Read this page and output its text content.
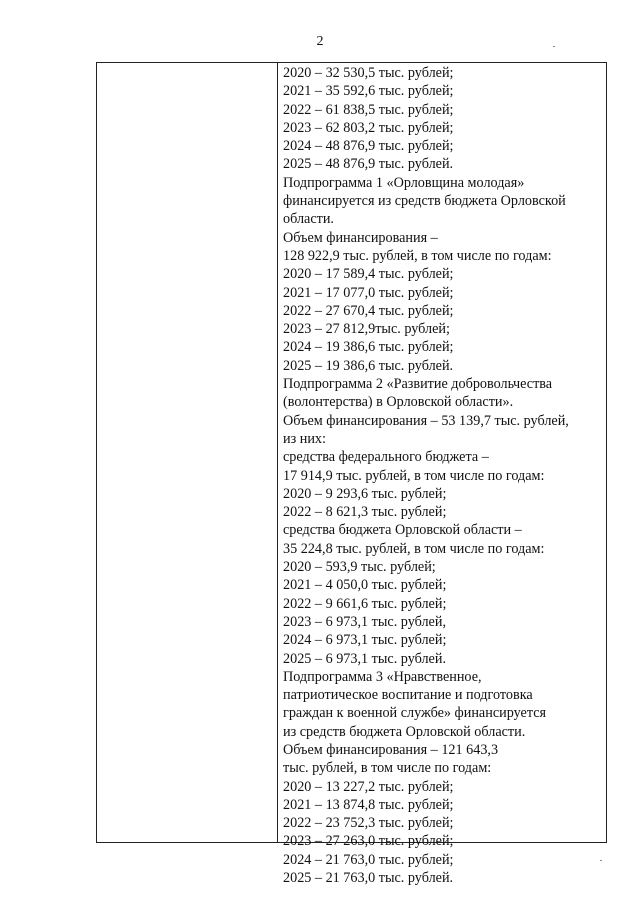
2
2020 – 32 530,5 тыс. рублей;
2021 – 35 592,6 тыс. рублей;
2022 – 61 838,5 тыс. рублей;
2023 – 62 803,2 тыс. рублей;
2024 – 48 876,9 тыс. рублей;
2025 – 48 876,9 тыс. рублей.
Подпрограмма 1 «Орловщина молодая»
финансируется из средств бюджета Орловской
области.
Объем финансирования –
128 922,9 тыс. рублей, в том числе по годам:
2020 – 17 589,4 тыс. рублей;
2021 – 17 077,0 тыс. рублей;
2022 – 27 670,4 тыс. рублей;
2023 – 27 812,9тыс. рублей;
2024 – 19 386,6 тыс. рублей;
2025 – 19 386,6 тыс. рублей.
Подпрограмма 2 «Развитие добровольчества
(волонтерства) в Орловской области».
Объем финансирования – 53 139,7 тыс. рублей,
из них:
средства федерального бюджета –
17 914,9 тыс. рублей, в том числе по годам:
2020 – 9 293,6 тыс. рублей;
2022 – 8 621,3 тыс. рублей;
средства бюджета Орловской области –
35 224,8 тыс. рублей, в том числе по годам:
2020 – 593,9 тыс. рублей;
2021 – 4 050,0 тыс. рублей;
2022 – 9 661,6 тыс. рублей;
2023 – 6 973,1 тыс. рублей,
2024 – 6 973,1 тыс. рублей;
2025 – 6 973,1 тыс. рублей.
Подпрограмма 3 «Нравственное,
патриотическое воспитание и подготовка
граждан к военной службе» финансируется
из средств бюджета Орловской области.
Объем финансирования – 121 643,3
тыс. рублей, в том числе по годам:
2020 – 13 227,2 тыс. рублей;
2021 – 13 874,8 тыс. рублей;
2022 – 23 752,3 тыс. рублей;
2023 – 27 263,0 тыс. рублей;
2024 – 21 763,0 тыс. рублей;
2025 – 21 763,0 тыс. рублей.
